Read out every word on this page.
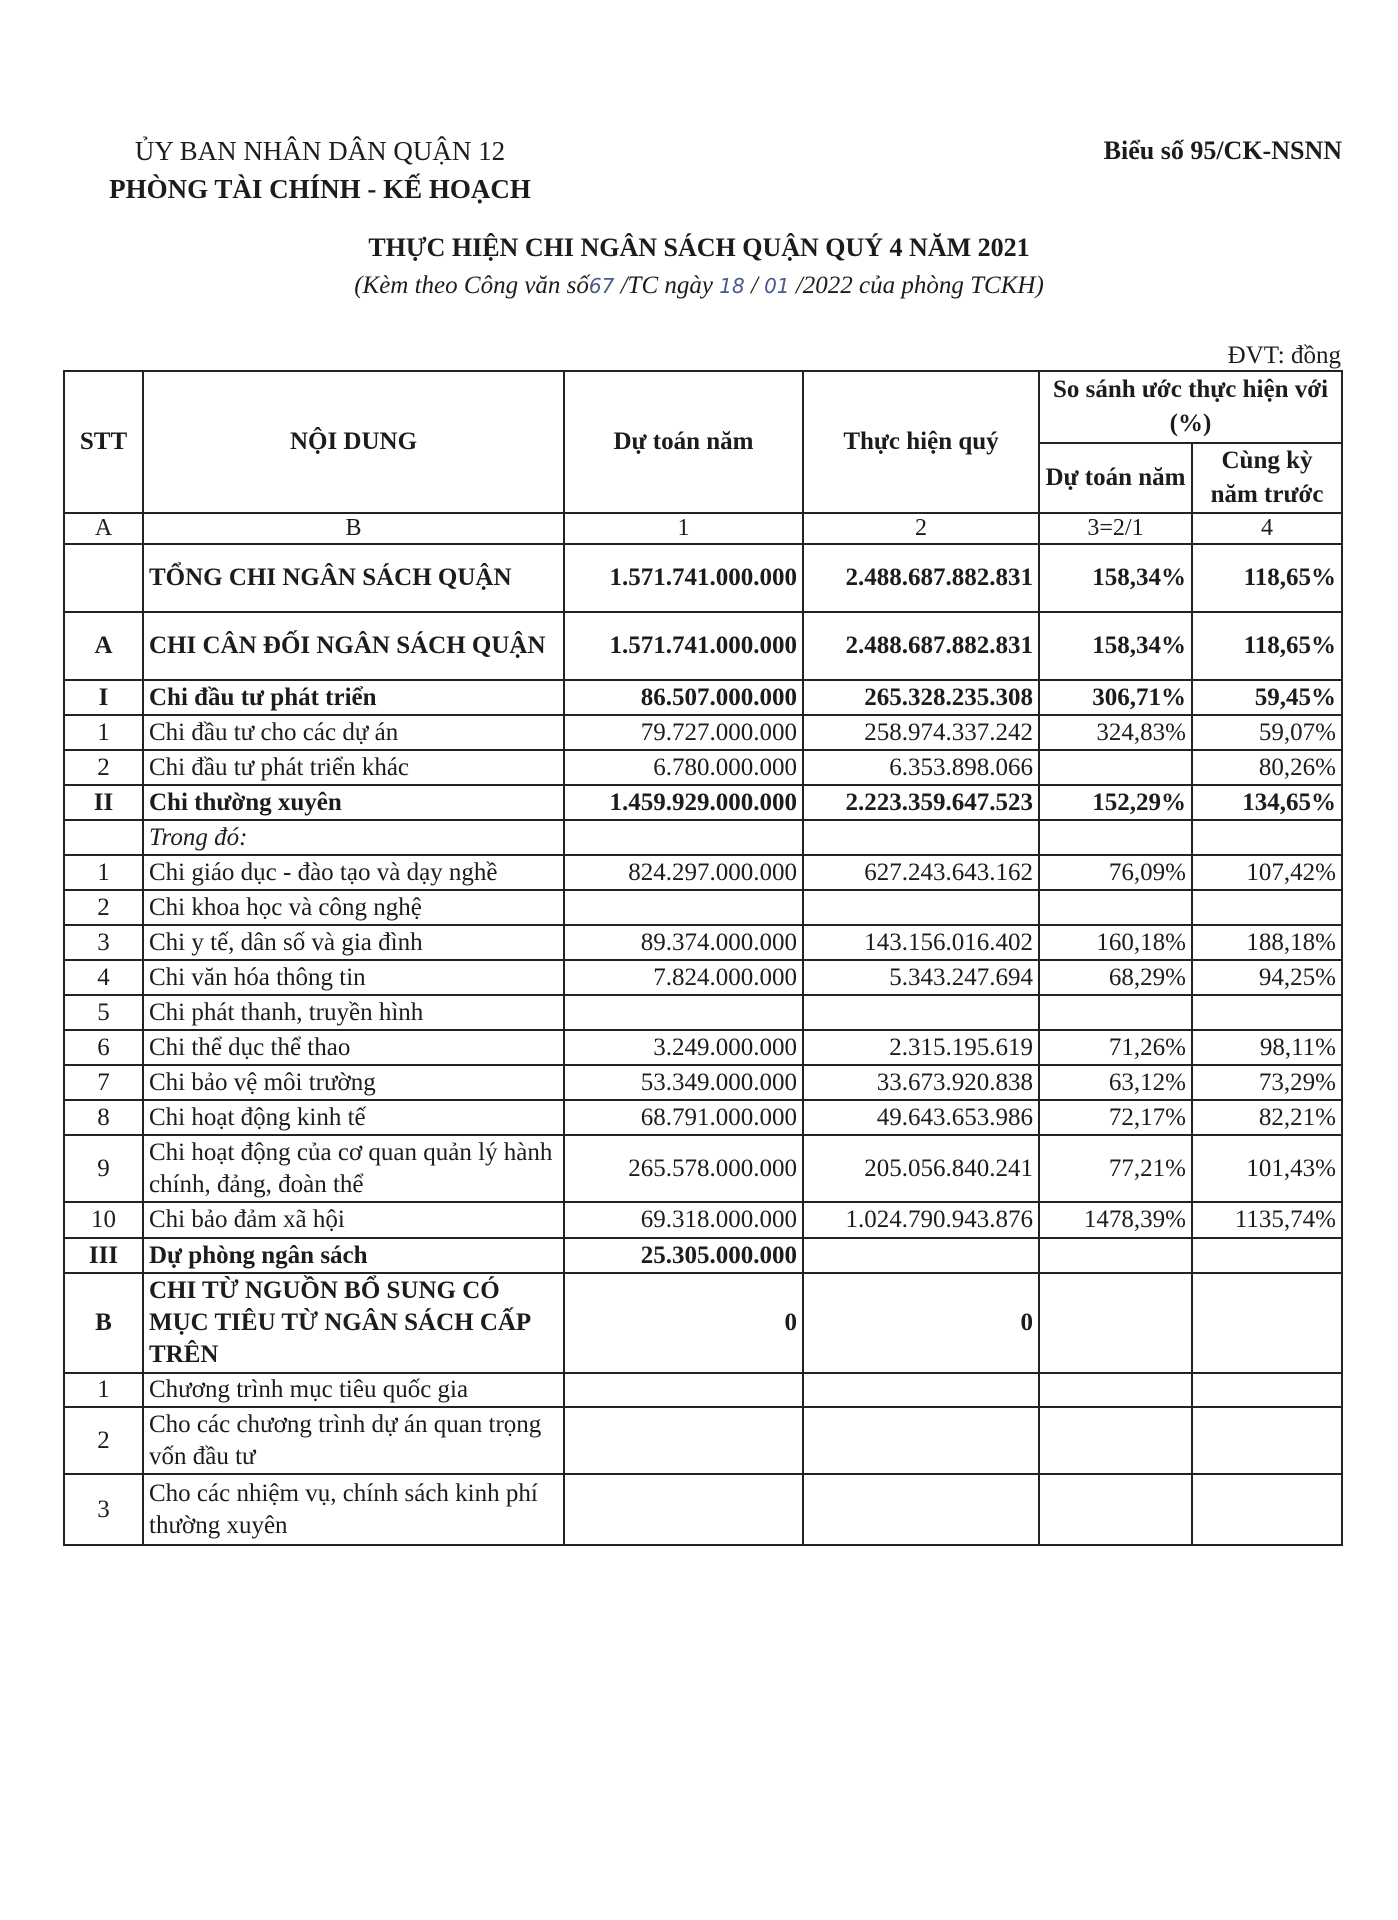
ỦY BAN NHÂN DÂN QUẬN 12
PHÒNG TÀI CHÍNH - KẾ HOẠCH
Biểu số 95/CK-NSNN
THỰC HIỆN CHI NGÂN SÁCH QUẬN QUÝ 4 NĂM 2021
(Kèm theo Công văn số67 /TC ngày 18 / 01 /2022 của phòng TCKH)
ĐVT: đồng
STT	NỘI DUNG	Dự toán năm	Thực hiện quý	So sánh ước thực hiện với (%)	
				Dự toán năm	Cùng kỳ năm trước
A	B	1	2	3=2/1	4
	TỔNG CHI NGÂN SÁCH QUẬN	1.571.741.000.000	2.488.687.882.831	158,34%	118,65%
A	CHI CÂN ĐỐI NGÂN SÁCH QUẬN	1.571.741.000.000	2.488.687.882.831	158,34%	118,65%
I	Chi đầu tư phát triển	86.507.000.000	265.328.235.308	306,71%	59,45%
1	Chi đầu tư cho các dự án	79.727.000.000	258.974.337.242	324,83%	59,07%
2	Chi đầu tư phát triển khác	6.780.000.000	6.353.898.066		80,26%
II	Chi thường xuyên	1.459.929.000.000	2.223.359.647.523	152,29%	134,65%
	Trong đó:				
1	Chi giáo dục - đào tạo và dạy nghề	824.297.000.000	627.243.643.162	76,09%	107,42%
2	Chi khoa học và công nghệ				
3	Chi y tế, dân số và gia đình	89.374.000.000	143.156.016.402	160,18%	188,18%
4	Chi văn hóa thông tin	7.824.000.000	5.343.247.694	68,29%	94,25%
5	Chi phát thanh, truyền hình				
6	Chi thể dục thể thao	3.249.000.000	2.315.195.619	71,26%	98,11%
7	Chi bảo vệ môi trường	53.349.000.000	33.673.920.838	63,12%	73,29%
8	Chi hoạt động kinh tế	68.791.000.000	49.643.653.986	72,17%	82,21%
9	Chi hoạt động của cơ quan quản lý hành chính, đảng, đoàn thể	265.578.000.000	205.056.840.241	77,21%	101,43%
10	Chi bảo đảm xã hội	69.318.000.000	1.024.790.943.876	1478,39%	1135,74%
III	Dự phòng ngân sách	25.305.000.000			
B	CHI TỪ NGUỒN BỔ SUNG CÓ MỤC TIÊU TỪ NGÂN SÁCH CẤP TRÊN	0	0		
1	Chương trình mục tiêu quốc gia				
2	Cho các chương trình dự án quan trọng vốn đầu tư				
3	Cho các nhiệm vụ, chính sách kinh phí thường xuyên				
